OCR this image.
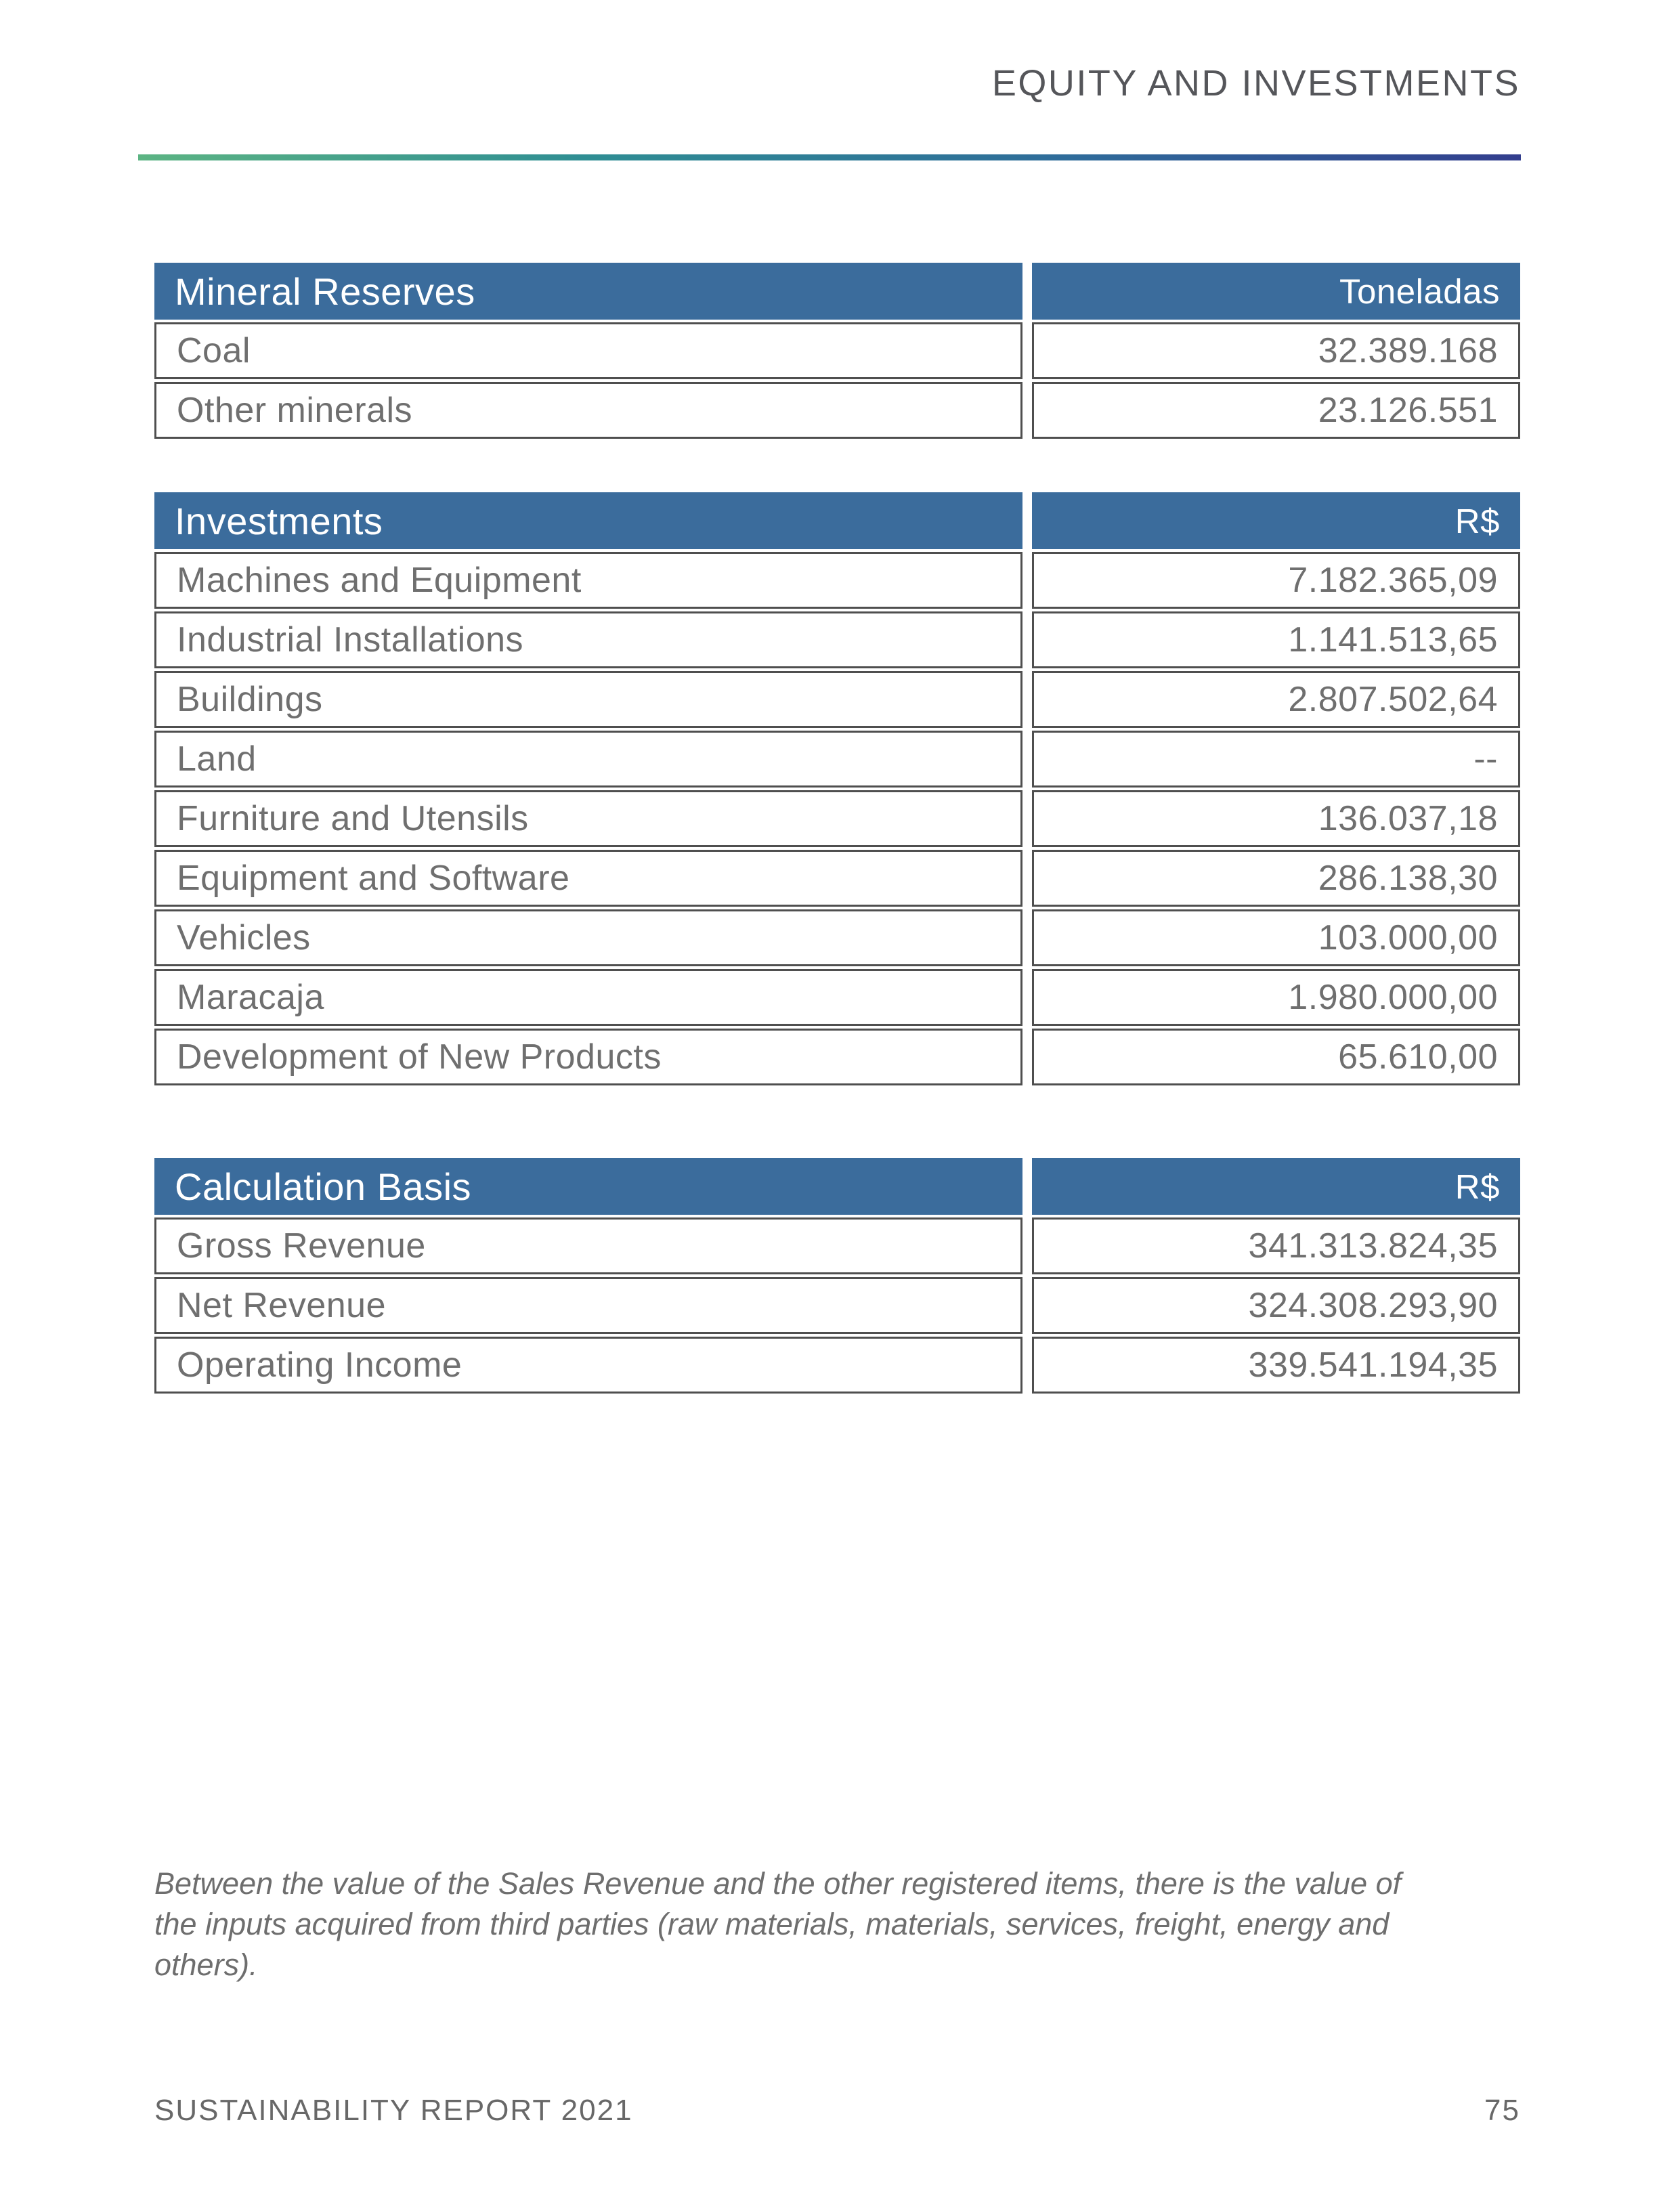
EQUITY AND INVESTMENTS
Mineral Reserves
Coal
Other minerals
Toneladas
32.389.168
23.126.551
Investments
Machines and Equipment
Industrial Installations
Buildings
Land
Furniture and Utensils
Equipment and Software
Vehicles
Maracaja
Development of New Products
R$
7.182.365,09
1.141.513,65
2.807.502,64
--
136.037,18
286.138,30
103.000,00
1.980.000,00
65.610,00
Calculation Basis
Gross Revenue
Net Revenue
Operating Income
R$
341.313.824,35
324.308.293,90
339.541.194,35
Between the value of the Sales Revenue and the other registered items, there is the value of the inputs acquired from third parties (raw materials, materials, services, freight, energy and others).
SUSTAINABILITY REPORT 2021	75
